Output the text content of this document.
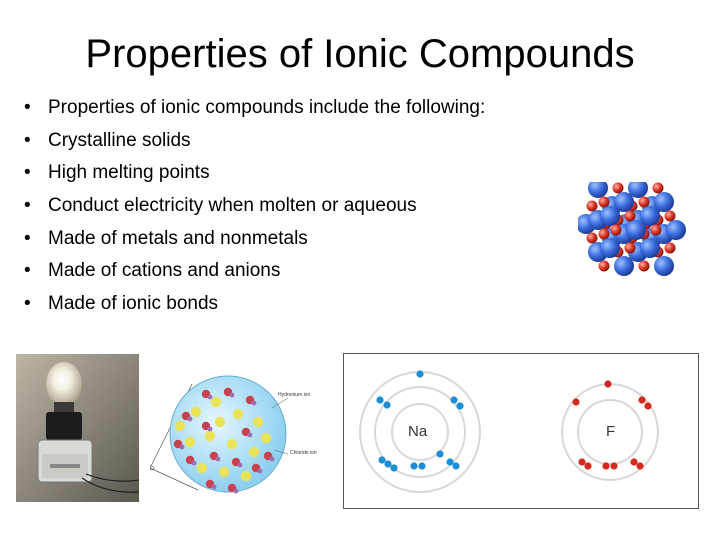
Properties of Ionic Compounds
• Properties of ionic compounds include the following:
• Crystalline solids
• High melting points
• Conduct electricity when molten or aqueous
• Made of metals and nonmetals
• Made of cations and anions
• Made of ionic bonds
Hydronium ion
Chloride ion
Na	F
